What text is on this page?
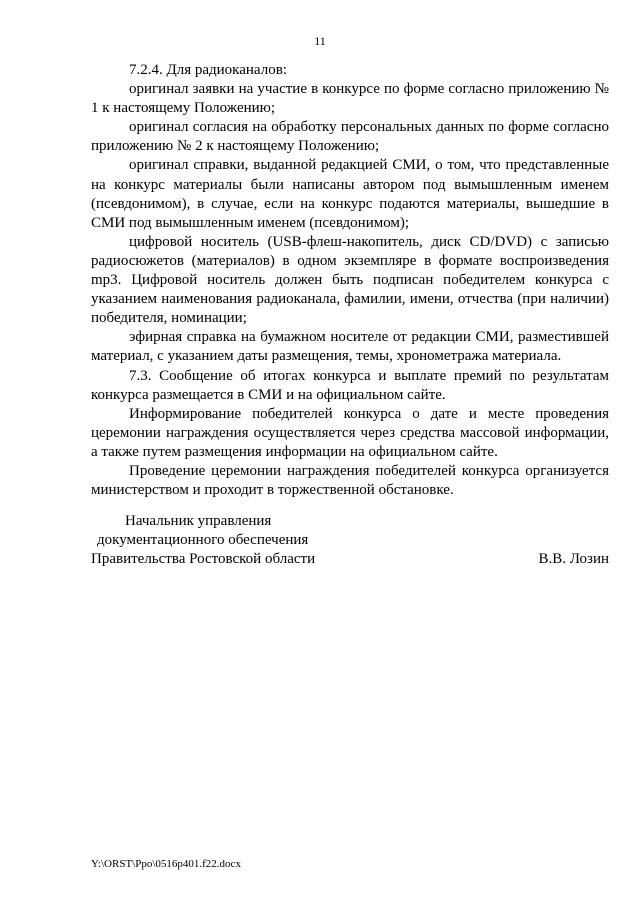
11

7.2.4. Для радиоканалов:

оригинал заявки на участие в конкурсе по форме согласно приложению № 1 к настоящему Положению;

оригинал согласия на обработку персональных данных по форме согласно приложению № 2 к настоящему Положению;

оригинал справки, выданной редакцией СМИ, о том, что представленные на конкурс материалы были написаны автором под вымышленным именем (псевдонимом), в случае, если на конкурс подаются материалы, вышедшие в СМИ под вымышленным именем (псевдонимом);

цифровой носитель (USB-флеш-накопитель, диск CD/DVD) с записью радиосюжетов (материалов) в одном экземпляре в формате воспроизведения mp3. Цифровой носитель должен быть подписан победителем конкурса с указанием наименования радиоканала, фамилии, имени, отчества (при наличии) победителя, номинации;

эфирная справка на бумажном носителе от редакции СМИ, разместившей материал, с указанием даты размещения, темы, хронометража материала.

7.3. Сообщение об итогах конкурса и выплате премий по результатам конкурса размещается в СМИ и на официальном сайте.

Информирование победителей конкурса о дате и месте проведения церемонии награждения осуществляется через средства массовой информации, а также путем размещения информации на официальном сайте.

Проведение церемонии награждения победителей конкурса организуется министерством и проходит в торжественной обстановке.

Начальник управления
документационного обеспечения
Правительства Ростовской области	В.В. Лозин
Y:\ORST\Ppo\0516p401.f22.docx
